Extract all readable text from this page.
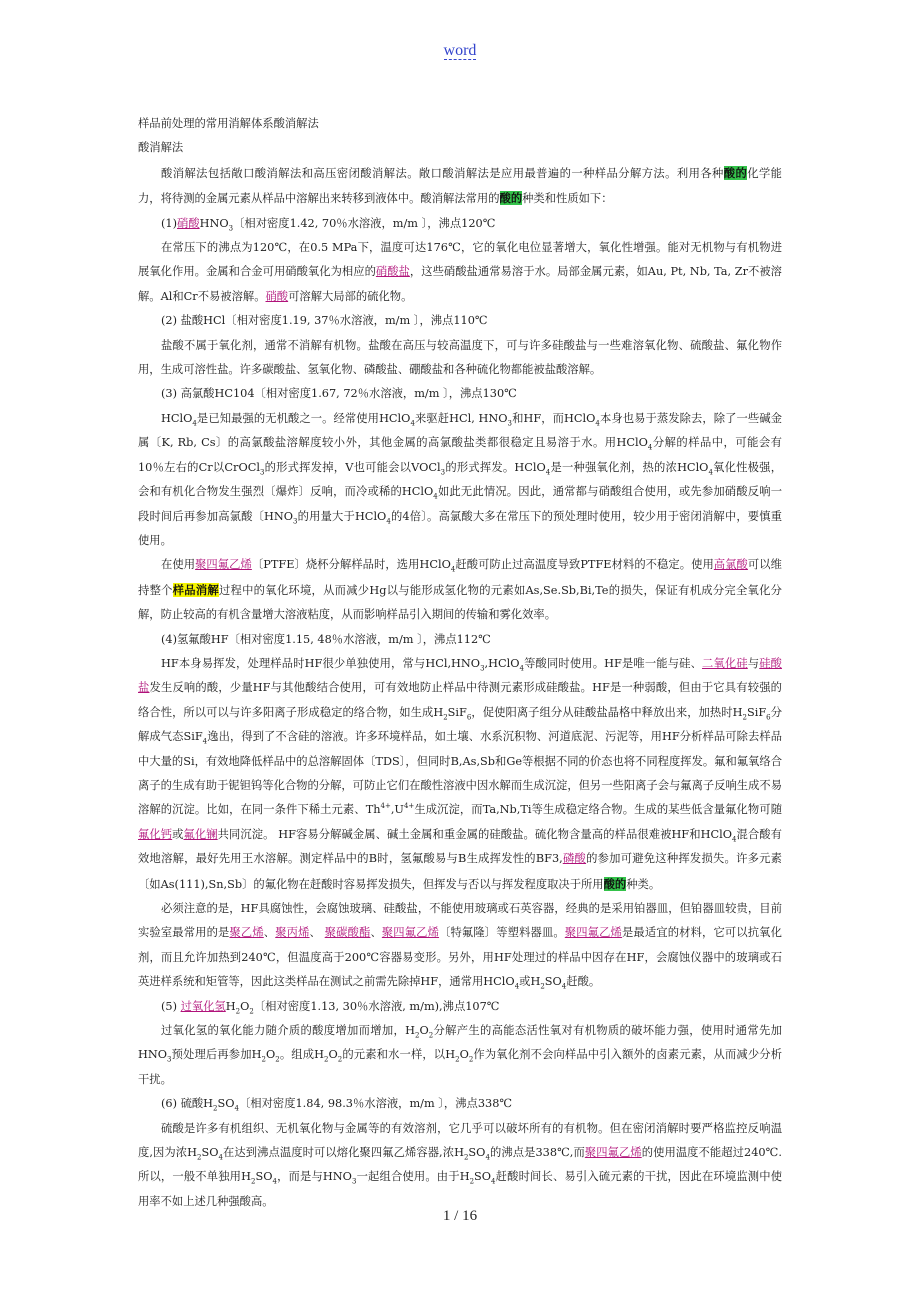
word

样品前处理的常用消解体系酸消解法

酸消解法

酸消解法包括敞口酸消解法和高压密闭酸消解法。敞口酸消解法是应用最普遍的一种样品分解方法。利用各种酸的化学能力，将待测的金属元素从样品中溶解出来转移到液体中。酸消解法常用的酸的种类和性质如下：

(1)硝酸$HNO_3$〔相对密度1.42, 70％水溶液，m/m 〕，沸点120℃

在常压下的沸点为120℃，在0.5 MPa下，温度可达176℃，它的氧化电位显著增大，氧化性增强。能对无机物与有机物进展氧化作用。金属和合金可用硝酸氧化为相应的硝酸盐，这些硝酸盐通常易溶于水。局部金属元素，如Au, Pt, Nb, Ta, Zr不被溶解。Al和Cr不易被溶解。硝酸可溶解大局部的硫化物。

(2) 盐酸HCl〔相对密度1.19, 37％水溶液，m/m 〕，沸点110℃

盐酸不属于氧化剂，通常不消解有机物。盐酸在高压与较高温度下，可与许多硅酸盐与一些难溶氧化物、硫酸盐、氟化物作用，生成可溶性盐。许多碳酸盐、氢氧化物、磷酸盐、硼酸盐和各种硫化物都能被盐酸溶解。

(3) 高氯酸HC104〔相对密度1.67, 72％水溶液，m/m 〕，沸点130℃

HClO$_4$是已知最强的无机酸之一。经常使用HClO$_4$来驱赶HCl, $HNO_3$和HF，而HClO$_4$本身也易于蒸发除去，除了一些碱金属〔K, Rb, Cs〕的高氯酸盐溶解度较小外，其他金属的高氯酸盐类都很稳定且易溶于水。用HClO$_4$分解的样品中，可能会有10％左右的Cr以CrOCl$_3$的形式挥发掉，V也可能会以VOCl$_3$的形式挥发。HClO$_4$是一种强氧化剂，热的浓HClO$_4$氧化性极强，会和有机化合物发生强烈〔爆炸〕反响，而冷或稀的HClO$_4$如此无此情况。因此，通常都与硝酸组合使用，或先参加硝酸反响一段时间后再参加高氯酸〔$HNO_3$的用量大于HClO$_4$的4倍〕。高氯酸大多在常压下的预处理时使用，较少用于密闭消解中，要慎重使用。

在使用聚四氟乙烯〔PTFE〕烧杯分解样品时，选用HClO$_4$赶酸可防止过高温度导致PTFE材料的不稳定。使用高氯酸可以维持整个样品消解过程中的氧化环境，从而减少Hg以与能形成氢化物的元素如As,Se.Sb,Bi,Te的损失，保证有机成分完全氧化分解，防止较高的有机含量增大溶液粘度，从而影响样品引入期间的传输和雾化效率。

(4)氢氟酸HF〔相对密度1.15, 48％水溶液，m/m 〕，沸点112℃

HF本身易挥发，处理样品时HF很少单独使用，常与$HCl,HNO_3,HClO_4$等酸同时使用。HF是唯一能与硅、二氧化硅与硅酸盐发生反响的酸，少量HF与其他酸结合使用，可有效地防止样品中待测元素形成硅酸盐。HF是一种弱酸，但由于它具有较强的络合性，所以可以与许多阳离子形成稳定的络合物，如生成$H_2SiF_6$，促使阳离子组分从硅酸盐晶格中释放出来，加热时$H_2SiF_6$分解成气态SiF$_4$逸出，得到了不含硅的溶液。许多环境样品，如土壤、水系沉积物、河道底泥、污泥等，用HF分析样品可除去样品中大量的Si，有效地降低样品中的总溶解固体〔TDS〕，但同时B,As,Sb和Ge等根据不同的价态也将不同程度挥发。氟和氟氧络合离子的生成有助于铌钽钨等化合物的分解，可防止它们在酸性溶液中因水解而生成沉淀，但另一些阳离子会与氟离子反响生成不易溶解的沉淀。比如，在同一条件下稀土元素、$Th^{4+},U^{4+}$生成沉淀，而Ta,Nb,Ti等生成稳定络合物。生成的某些低含量氟化物可随氟化钙或氟化镧共同沉淀。 HF容易分解碱金属、碱土金属和重金属的硅酸盐。硫化物含量高的样品很难被HF和HClO$_4$混合酸有效地溶解，最好先用王水溶解。测定样品中的B时，氢氟酸易与B生成挥发性的BF3,磷酸的参加可避免这种挥发损失。许多元素〔如As(111),Sn,Sb〕的氟化物在赶酸时容易挥发损失，但挥发与否以与挥发程度取决于所用酸的种类。

必须注意的是，HF具腐蚀性，会腐蚀玻璃、硅酸盐，不能使用玻璃或石英容器，经典的是采用铂器皿，但铂器皿较贵，目前实验室最常用的是聚乙烯、聚丙烯、 聚碳酸酯、聚四氟乙烯〔特氟隆〕等塑料器皿。聚四氟乙烯是最适宜的材料，它可以抗氧化剂，而且允许加热到240℃，但温度高于200℃容器易变形。另外，用HF处理过的样品中因存在HF，会腐蚀仪器中的玻璃或石英进样系统和矩管等，因此这类样品在测试之前需先除掉HF，通常用HClO$_4$或$H_2SO_4$赶酸。

(5) 过氧化氢$H_2O_2$〔相对密度1.13, 30％水溶液, m/m),沸点107℃

过氧化氢的氧化能力随介质的酸度增加而增加，$H_2O_2$分解产生的高能态活性氧对有机物质的破坏能力强，使用时通常先加$HNO_3$预处理后再参加$H_2O_2$。组成$H_2O_2$的元素和水一样，以$H_2O_2$作为氧化剂不会向样品中引入额外的卤素元素，从而减少分析干扰。

(6) 硫酸$H_2SO_4$〔相对密度1.84, 98.3％水溶液，m/m 〕，沸点338℃

硫酸是许多有机组织、无机氧化物与金属等的有效溶剂，它几乎可以破坏所有的有机物。但在密闭消解时要严格监控反响温度,因为浓$H_2SO_4$在达到沸点温度时可以熔化聚四氟乙烯容器,浓$H_2SO_4$的沸点是338℃,而聚四氟乙烯的使用温度不能超过240℃.所以，一般不单独用$H_2SO_4$，而是与$HNO_3$一起组合使用。由于$H_2SO_4$赶酸时间长、易引入硫元素的干扰，因此在环境监测中使用率不如上述几种强酸高。

1 / 16
